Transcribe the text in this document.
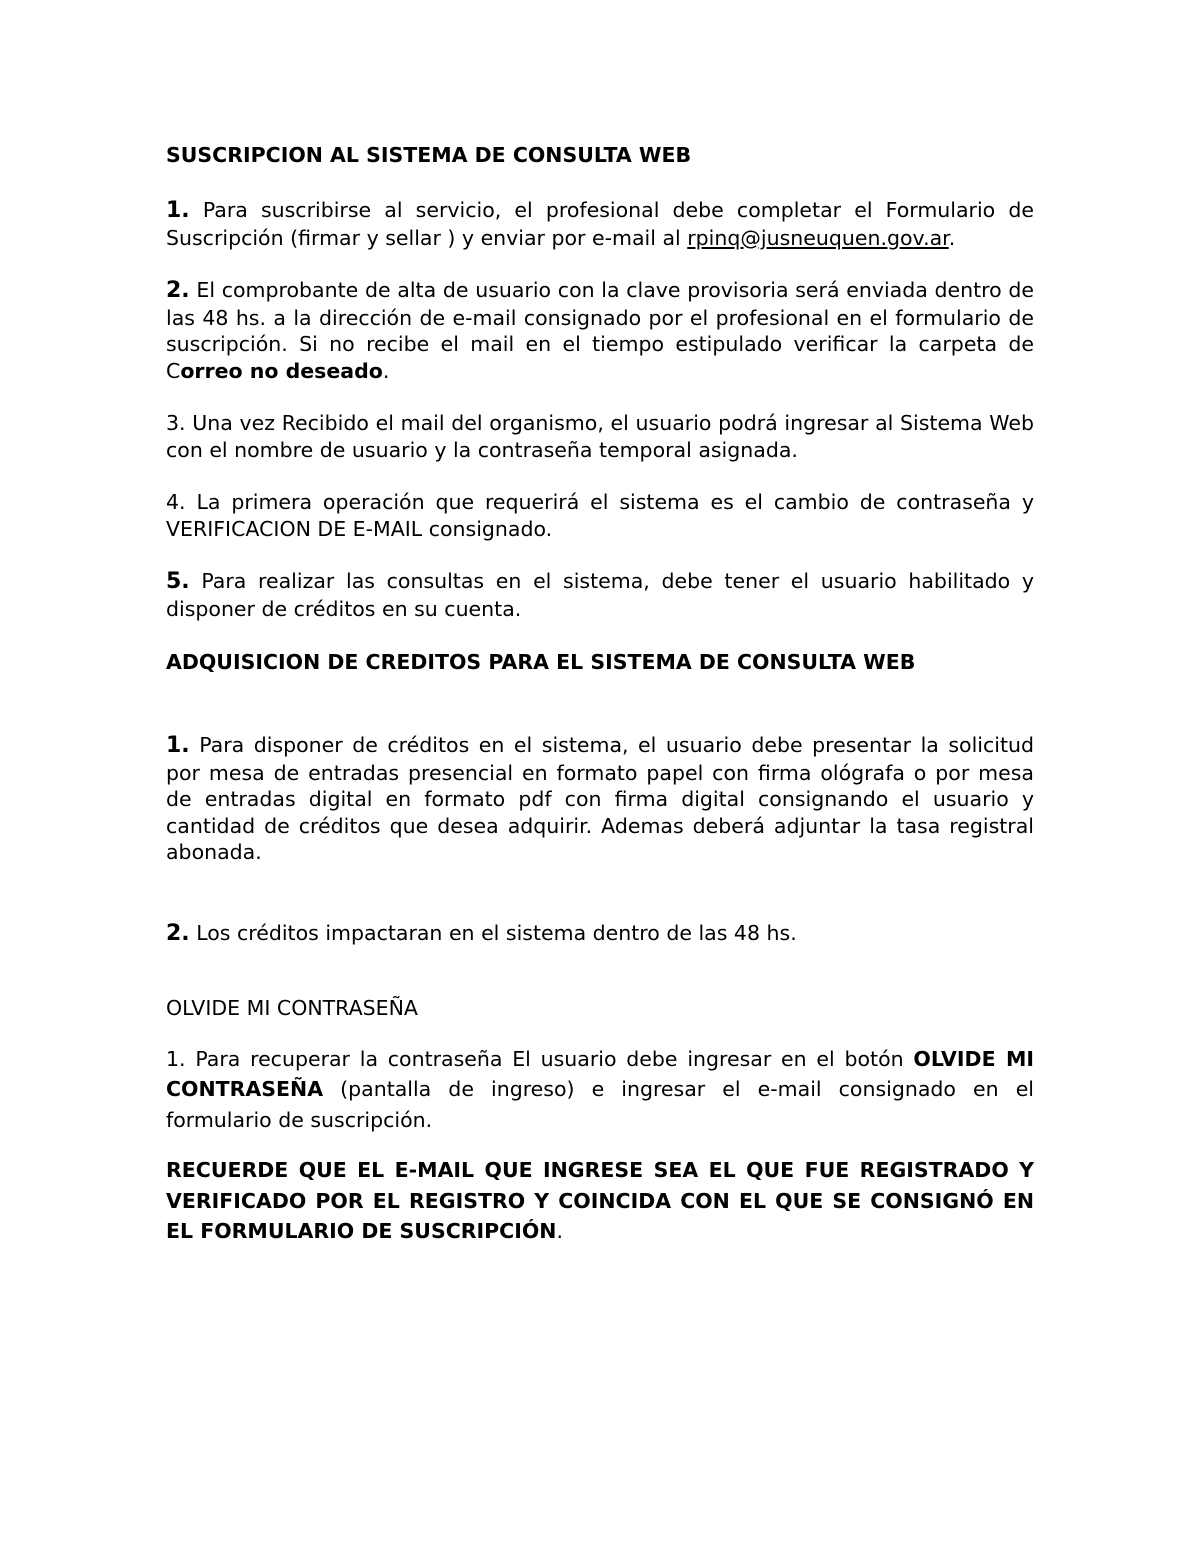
SUSCRIPCION AL SISTEMA DE CONSULTA WEB

1. Para suscribirse al servicio, el profesional debe completar el Formulario de Suscripción (firmar y sellar ) y enviar por e-mail al rpinq@jusneuquen.gov.ar.

2. El comprobante de alta de usuario con la clave provisoria será enviada dentro de las 48 hs. a la dirección de e-mail consignado por el profesional en el formulario de suscripción. Si no recibe el mail en el tiempo estipulado verificar la carpeta de Correo no deseado.

3. Una vez Recibido el mail del organismo, el usuario podrá ingresar al Sistema Web con el nombre de usuario y la contraseña temporal asignada.

4. La primera operación que requerirá el sistema es el cambio de contraseña y VERIFICACION DE E-MAIL consignado.

5. Para realizar las consultas en el sistema, debe tener el usuario habilitado y disponer de créditos en su cuenta.

ADQUISICION DE CREDITOS PARA EL SISTEMA DE CONSULTA WEB

1. Para disponer de créditos en el sistema, el usuario debe presentar la solicitud por mesa de entradas presencial en formato papel con firma ológrafa o por mesa de entradas digital en formato pdf con firma digital consignando el usuario y cantidad de créditos que desea adquirir. Ademas deberá adjuntar la tasa registral abonada.

2. Los créditos impactaran en el sistema dentro de las 48 hs.

OLVIDE MI CONTRASEÑA

1. Para recuperar la contraseña El usuario debe ingresar en el botón OLVIDE MI CONTRASEÑA (pantalla de ingreso) e ingresar el e-mail consignado en el formulario de suscripción.

RECUERDE QUE EL E-MAIL QUE INGRESE SEA EL QUE FUE REGISTRADO Y VERIFICADO POR EL REGISTRO Y COINCIDA CON EL QUE SE CONSIGNÓ EN EL FORMULARIO DE SUSCRIPCIÓN.
